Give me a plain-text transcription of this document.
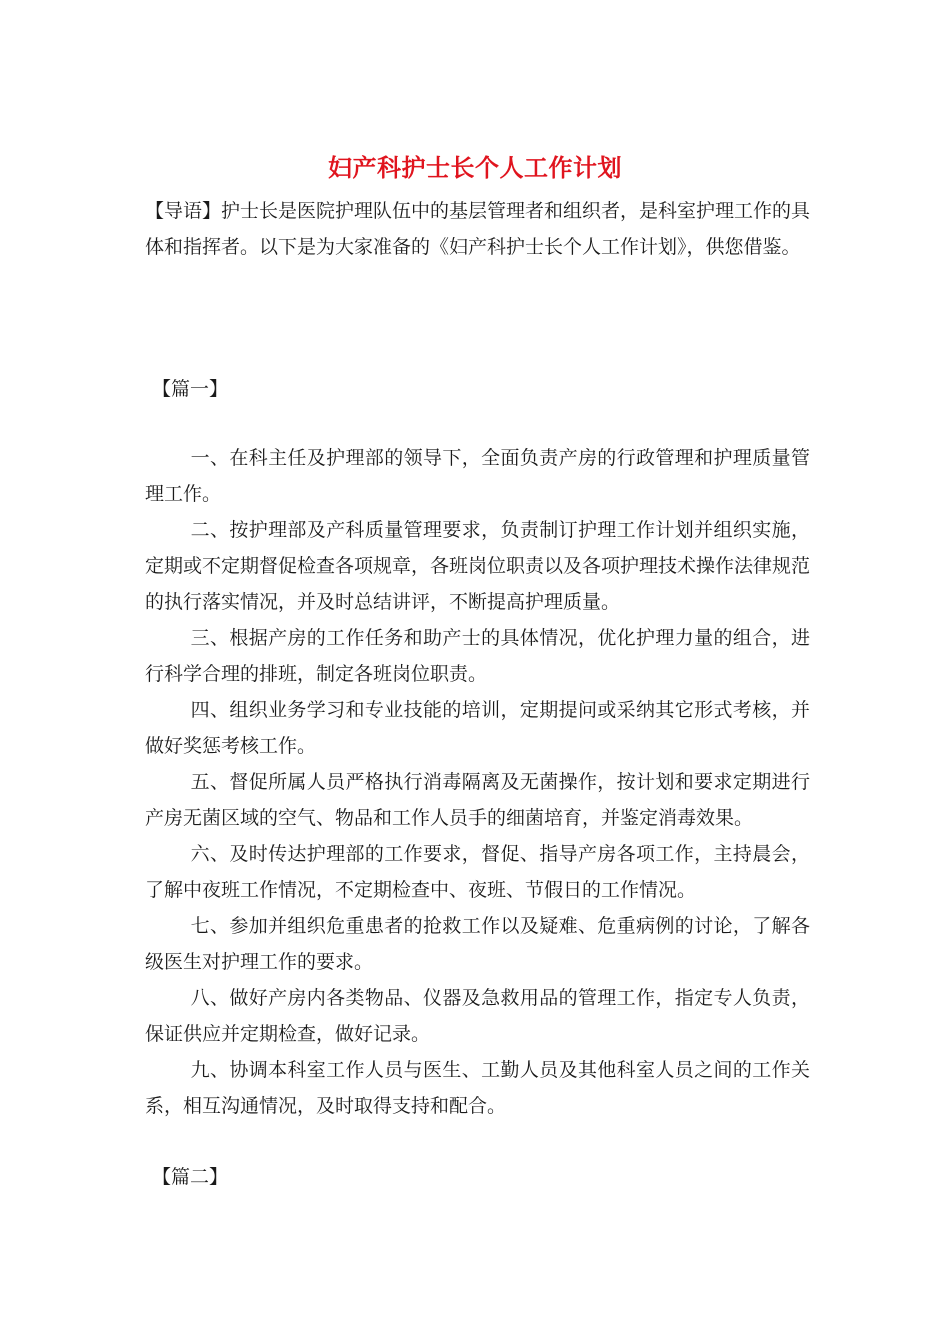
妇产科护士长个人工作计划
【导语】护士长是医院护理队伍中的基层管理者和组织者，是科室护理工作的具体和指挥者。以下是为大家准备的《妇产科护士长个人工作计划》，供您借鉴。
【篇一】

一、在科主任及护理部的领导下，全面负责产房的行政管理和护理质量管理工作。

二、按护理部及产科质量管理要求，负责制订护理工作计划并组织实施，定期或不定期督促检查各项规章，各班岗位职责以及各项护理技术操作法律规范的执行落实情况，并及时总结讲评，不断提高护理质量。

三、根据产房的工作任务和助产士的具体情况，优化护理力量的组合，进行科学合理的排班，制定各班岗位职责。

四、组织业务学习和专业技能的培训，定期提问或采纳其它形式考核，并做好奖惩考核工作。

五、督促所属人员严格执行消毒隔离及无菌操作，按计划和要求定期进行产房无菌区域的空气、物品和工作人员手的细菌培育，并鉴定消毒效果。

六、及时传达护理部的工作要求，督促、指导产房各项工作，主持晨会，了解中夜班工作情况，不定期检查中、夜班、节假日的工作情况。

七、参加并组织危重患者的抢救工作以及疑难、危重病例的讨论，了解各级医生对护理工作的要求。

八、做好产房内各类物品、仪器及急救用品的管理工作，指定专人负责，保证供应并定期检查，做好记录。

九、协调本科室工作人员与医生、工勤人员及其他科室人员之间的工作关系，相互沟通情况，及时取得支持和配合。

【篇二】
